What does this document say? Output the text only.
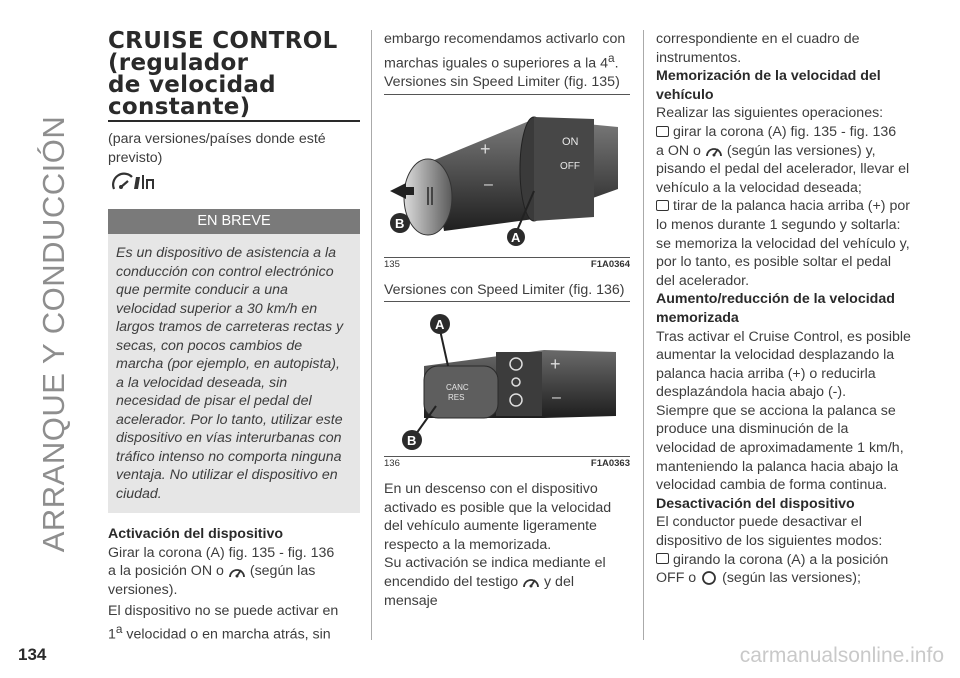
ARRANQUE Y CONDUCCIÓN
CRUISE CONTROL
(regulador
de velocidad
constante)

(para versiones/países donde esté previsto)

EN BREVE
Es un dispositivo de asistencia a la conducción con control electrónico que permite conducir a una velocidad superior a 30 km/h en largos tramos de carreteras rectas y secas, con pocos cambios de marcha (por ejemplo, en autopista), a la velocidad deseada, sin necesidad de pisar el pedal del acelerador. Por lo tanto, utilizar este dispositivo en vías interurbanas con tráfico intenso no comporta ninguna ventaja. No utilizar el dispositivo en ciudad.

Activación del dispositivo

Girar la corona (A) fig. 135 - fig. 136
a la posición ON o (según las versiones).

El dispositivo no se puede activar en
1$^a$ velocidad o en marcha atrás, sin

embargo recomendamos activarlo con
marchas iguales o superiores a la 4$^a$.

Versiones sin Speed Limiter (fig. 135)

ON
OFF
+
–
A
B
135	F1A0364

Versiones con Speed Limiter (fig. 136)

+
–
CANC
RES
A
B
136	F1A0363

En un descenso con el dispositivo activado es posible que la velocidad del vehículo aumente ligeramente respecto a la memorizada.

Su activación se indica mediante el encendido del testigo y del mensaje

correspondiente en el cuadro de instrumentos.

Memorización de la velocidad del vehículo

Realizar las siguientes operaciones:

girar la corona (A) fig. 135 - fig. 136
a ON o (según las versiones) y, pisando el pedal del acelerador, llevar el vehículo a la velocidad deseada;

tirar de la palanca hacia arriba (+) por lo menos durante 1 segundo y soltarla: se memoriza la velocidad del vehículo y, por lo tanto, es posible soltar el pedal del acelerador.

Aumento/reducción de la velocidad memorizada

Tras activar el Cruise Control, es posible aumentar la velocidad desplazando la palanca hacia arriba (+) o reducirla desplazándola hacia abajo (-).

Siempre que se acciona la palanca se produce una disminución de la velocidad de aproximadamente 1 km/h, manteniendo la palanca hacia abajo la velocidad cambia de forma continua.

Desactivación del dispositivo

El conductor puede desactivar el dispositivo de los siguientes modos:

girando la corona (A) a la posición
OFF o (según las versiones);

134	carmanualsonline.info
